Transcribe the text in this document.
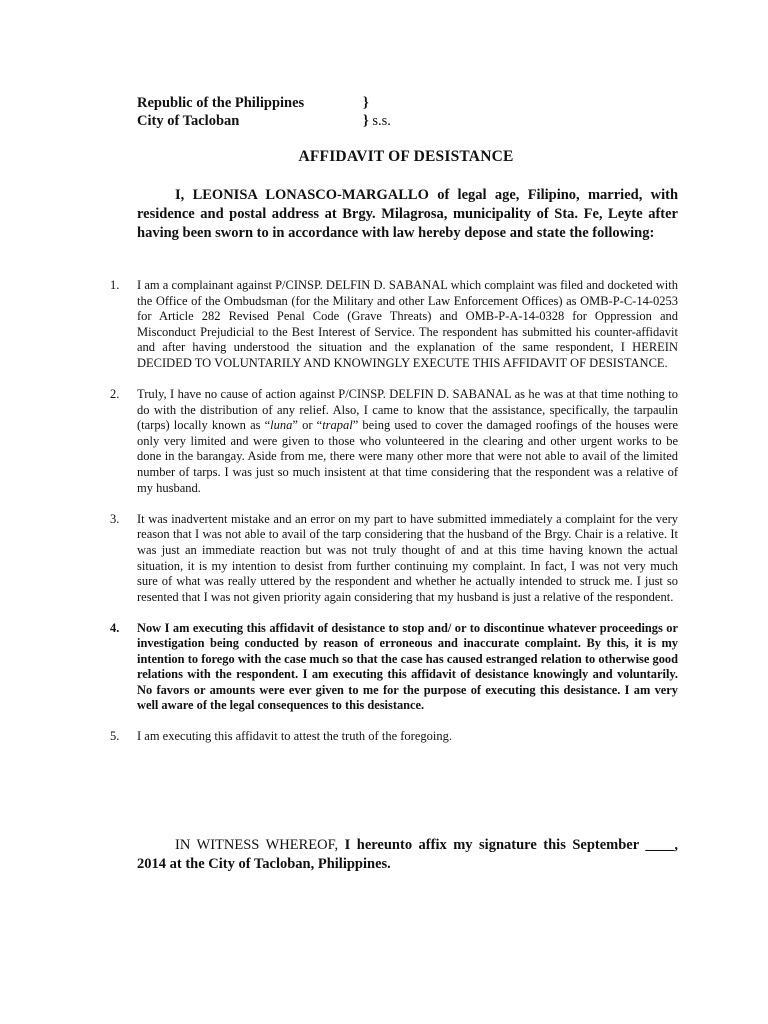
Republic of the Philippines	}
City of Tacloban	} s.s.
AFFIDAVIT OF DESISTANCE
I, LEONISA LONASCO-MARGALLO of legal age, Filipino, married, with residence and postal address at Brgy. Milagrosa, municipality of Sta. Fe, Leyte after having been sworn to in accordance with law hereby depose and state the following:
1. I am a complainant against P/CINSP. DELFIN D. SABANAL which complaint was filed and docketed with the Office of the Ombudsman (for the Military and other Law Enforcement Offices) as OMB-P-C-14-0253 for Article 282 Revised Penal Code (Grave Threats) and OMB-P-A-14-0328 for Oppression and Misconduct Prejudicial to the Best Interest of Service. The respondent has submitted his counter-affidavit and after having understood the situation and the explanation of the same respondent, I HEREIN DECIDED TO VOLUNTARILY AND KNOWINGLY EXECUTE THIS AFFIDAVIT OF DESISTANCE.
2. Truly, I have no cause of action against P/CINSP. DELFIN D. SABANAL as he was at that time nothing to do with the distribution of any relief. Also, I came to know that the assistance, specifically, the tarpaulin (tarps) locally known as “luna” or “trapal” being used to cover the damaged roofings of the houses were only very limited and were given to those who volunteered in the clearing and other urgent works to be done in the barangay. Aside from me, there were many other more that were not able to avail of the limited number of tarps. I was just so much insistent at that time considering that the respondent was a relative of my husband.
3. It was inadvertent mistake and an error on my part to have submitted immediately a complaint for the very reason that I was not able to avail of the tarp considering that the husband of the Brgy. Chair is a relative. It was just an immediate reaction but was not truly thought of and at this time having known the actual situation, it is my intention to desist from further continuing my complaint. In fact, I was not very much sure of what was really uttered by the respondent and whether he actually intended to struck me. I just so resented that I was not given priority again considering that my husband is just a relative of the respondent.
4. Now I am executing this affidavit of desistance to stop and/ or to discontinue whatever proceedings or investigation being conducted by reason of erroneous and inaccurate complaint. By this, it is my intention to forego with the case much so that the case has caused estranged relation to otherwise good relations with the respondent. I am executing this affidavit of desistance knowingly and voluntarily. No favors or amounts were ever given to me for the purpose of executing this desistance. I am very well aware of the legal consequences to this desistance.
5. I am executing this affidavit to attest the truth of the foregoing.
IN WITNESS WHEREOF, I hereunto affix my signature this September ____, 2014 at the City of Tacloban, Philippines.
